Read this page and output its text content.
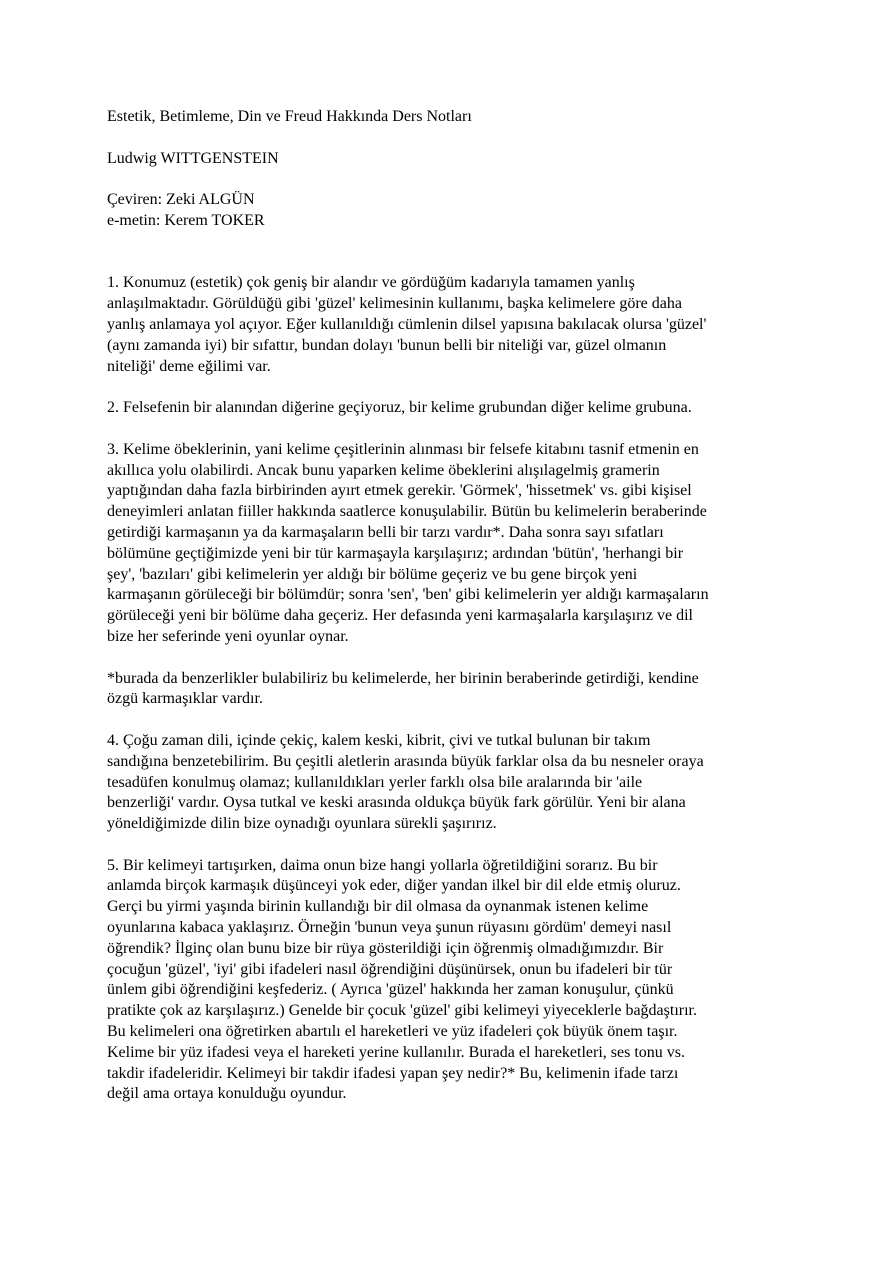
Estetik, Betimleme, Din ve Freud Hakkında Ders Notları
Ludwig WITTGENSTEIN
Çeviren: Zeki ALGÜN
e-metin: Kerem TOKER
1. Konumuz (estetik) çok geniş bir alandır ve gördüğüm kadarıyla tamamen yanlış
anlaşılmaktadır. Görüldüğü gibi 'güzel' kelimesinin kullanımı, başka kelimelere göre daha
yanlış anlamaya yol açıyor. Eğer kullanıldığı cümlenin dilsel yapısına bakılacak olursa 'güzel'
(aynı zamanda iyi) bir sıfattır, bundan dolayı 'bunun belli bir niteliği var, güzel olmanın
niteliği' deme eğilimi var.
2. Felsefenin bir alanından diğerine geçiyoruz, bir kelime grubundan diğer kelime grubuna.
3. Kelime öbeklerinin, yani kelime çeşitlerinin alınması bir felsefe kitabını tasnif etmenin en
akıllıca yolu olabilirdi. Ancak bunu yaparken kelime öbeklerini alışılagelmiş gramerin
yaptığından daha fazla birbirinden ayırt etmek gerekir. 'Görmek', 'hissetmek' vs. gibi kişisel
deneyimleri anlatan fiiller hakkında saatlerce konuşulabilir. Bütün bu kelimelerin beraberinde
getirdiği karmaşanın ya da karmaşaların belli bir tarzı vardır*. Daha sonra sayı sıfatları
bölümüne geçtiğimizde yeni bir tür karmaşayla karşılaşırız; ardından 'bütün', 'herhangi bir
şey', 'bazıları' gibi kelimelerin yer aldığı bir bölüme geçeriz ve bu gene birçok yeni
karmaşanın görüleceği bir bölümdür; sonra 'sen', 'ben' gibi kelimelerin yer aldığı karmaşaların
görüleceği yeni bir bölüme daha geçeriz. Her defasında yeni karmaşalarla karşılaşırız ve dil
bize her seferinde yeni oyunlar oynar.
*burada da benzerlikler bulabiliriz bu kelimelerde, her birinin beraberinde getirdiği, kendine
özgü karmaşıklar vardır.
4. Çoğu zaman dili, içinde çekiç, kalem keski, kibrit, çivi ve tutkal bulunan bir takım
sandığına benzetebilirim. Bu çeşitli aletlerin arasında büyük farklar olsa da bu nesneler oraya
tesadüfen konulmuş olamaz; kullanıldıkları yerler farklı olsa bile aralarında bir 'aile
benzerliği' vardır. Oysa tutkal ve keski arasında oldukça büyük fark görülür. Yeni bir alana
yöneldiğimizde dilin bize oynadığı oyunlara sürekli şaşırırız.
5. Bir kelimeyi tartışırken, daima onun bize hangi yollarla öğretildiğini sorarız. Bu bir
anlamda birçok karmaşık düşünceyi yok eder, diğer yandan ilkel bir dil elde etmiş oluruz.
Gerçi bu yirmi yaşında birinin kullandığı bir dil olmasa da oynanmak istenen kelime
oyunlarına kabaca yaklaşırız. Örneğin 'bunun veya şunun rüyasını gördüm' demeyi nasıl
öğrendik? İlginç olan bunu bize bir rüya gösterildiği için öğrenmiş olmadığımızdır. Bir
çocuğun 'güzel', 'iyi' gibi ifadeleri nasıl öğrendiğini düşünürsek, onun bu ifadeleri bir tür
ünlem gibi öğrendiğini keşfederiz. ( Ayrıca 'güzel' hakkında her zaman konuşulur, çünkü
pratikte çok az karşılaşırız.) Genelde bir çocuk 'güzel' gibi kelimeyi yiyeceklerle bağdaştırır.
Bu kelimeleri ona öğretirken abartılı el hareketleri ve yüz ifadeleri çok büyük önem taşır.
Kelime bir yüz ifadesi veya el hareketi yerine kullanılır. Burada el hareketleri, ses tonu vs.
takdir ifadeleridir. Kelimeyi bir takdir ifadesi yapan şey nedir?* Bu, kelimenin ifade tarzı
değil ama ortaya konulduğu oyundur.
